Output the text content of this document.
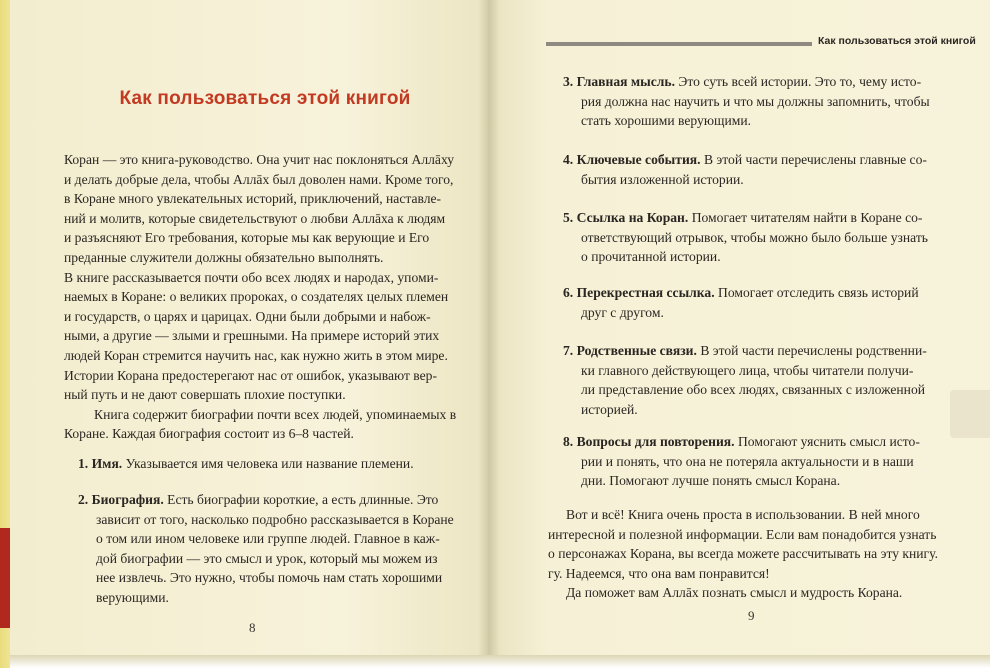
Как пользоваться этой книгой
Как пользоваться этой книгой
Коран — это книга-руководство. Она учит нас поклоняться Аллāху
и делать добрые дела, чтобы Аллāх был доволен нами. Кроме того,
в Коране много увлекательных историй, приключений, наставле-
ний и молитв, которые свидетельствуют о любви Аллāха к людям
и разъясняют Его требования, которые мы как верующие и Его
преданные служители должны обязательно выполнять.
В книге рассказывается почти обо всех людях и народах, упоми-
наемых в Коране: о великих пророках, о создателях целых племен
и государств, о царях и царицах. Одни были добрыми и набож-
ными, а другие — злыми и грешными. На примере историй этих
людей Коран стремится научить нас, как нужно жить в этом мире.
Истории Корана предостерегают нас от ошибок, указывают вер-
ный путь и не дают совершать плохие поступки.
Книга содержит биографии почти всех людей, упоминаемых в
Коране. Каждая биография состоит из 6–8 частей.
1. Имя. Указывается имя человека или название племени.
2. Биография. Есть биографии короткие, а есть длинные. Это
зависит от того, насколько подробно рассказывается в Коране
о том или ином человеке или группе людей. Главное в каж-
дой биографии — это смысл и урок, который мы можем из
нее извлечь. Это нужно, чтобы помочь нам стать хорошими
верующими.
8
3. Главная мысль. Это суть всей истории. Это то, чему исто-
рия должна нас научить и что мы должны запомнить, чтобы
стать хорошими верующими.
4. Ключевые события. В этой части перечислены главные со-
бытия изложенной истории.
5. Ссылка на Коран. Помогает читателям найти в Коране со-
ответствующий отрывок, чтобы можно было больше узнать
о прочитанной истории.
6. Перекрестная ссылка. Помогает отследить связь историй
друг с другом.
7. Родственные связи. В этой части перечислены родственни-
ки главного действующего лица, чтобы читатели получи-
ли представление обо всех людях, связанных с изложенной
историей.
8. Вопросы для повторения. Помогают уяснить смысл исто-
рии и понять, что она не потеряла актуальности и в наши
дни. Помогают лучше понять смысл Корана.
Вот и всё! Книга очень проста в использовании. В ней много
интересной и полезной информации. Если вам понадобится узнать
о персонажах Корана, вы всегда можете рассчитывать на эту книгу.
гу. Надеемся, что она вам понравится!
Да поможет вам Аллāх познать смысл и мудрость Корана.
9
